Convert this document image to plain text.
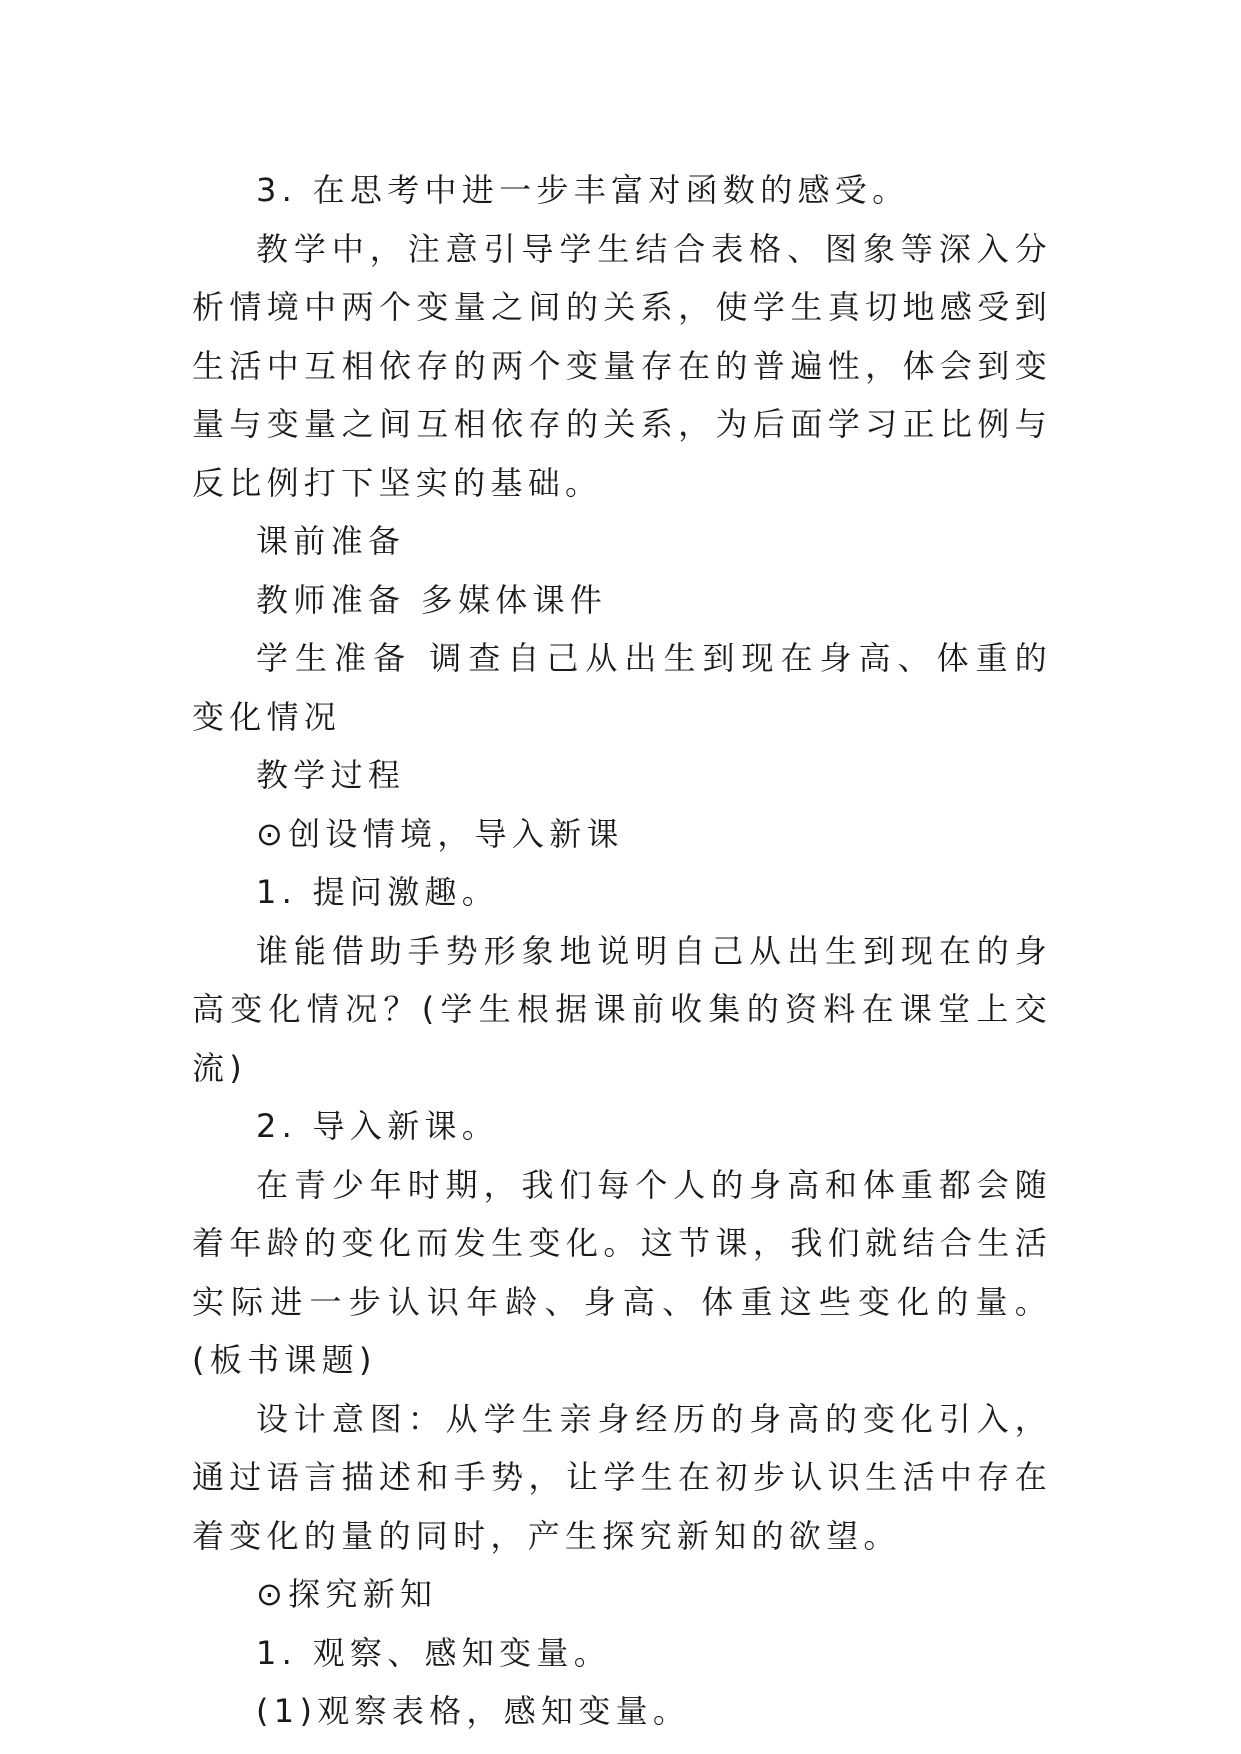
3. 在思考中进一步丰富对函数的感受。

教学中，注意引导学生结合表格、图象等深入分析情境中两个变量之间的关系，使学生真切地感受到生活中互相依存的两个变量存在的普遍性，体会到变量与变量之间互相依存的关系，为后面学习正比例与反比例打下坚实的基础。

课前准备

教师准备 多媒体课件

学生准备 调查自己从出生到现在身高、体重的变化情况

教学过程

⊙创设情境，导入新课

1. 提问激趣。

谁能借助手势形象地说明自己从出生到现在的身高变化情况？(学生根据课前收集的资料在课堂上交流)

2. 导入新课。

在青少年时期，我们每个人的身高和体重都会随着年龄的变化而发生变化。这节课，我们就结合生活实际进一步认识年龄、身高、体重这些变化的量。(板书课题)

设计意图：从学生亲身经历的身高的变化引入，通过语言描述和手势，让学生在初步认识生活中存在着变化的量的同时，产生探究新知的欲望。

⊙探究新知

1. 观察、感知变量。

(1)观察表格，感知变量。
